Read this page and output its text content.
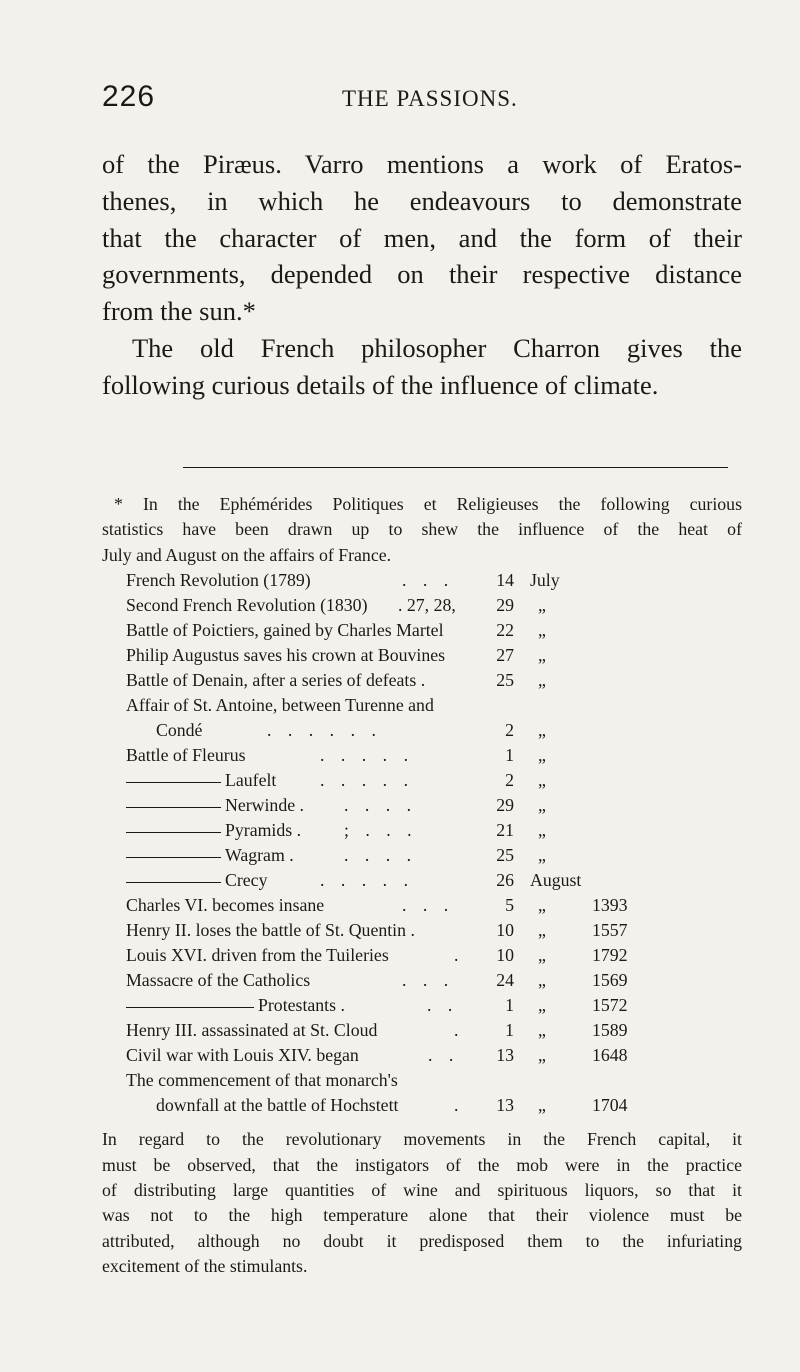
226	THE PASSIONS.
of the Piræus. Varro mentions a work of Eratos-
thenes, in which he endeavours to demonstrate
that the character of men, and the form of their
governments, depended on their respective distance
from the sun.*
The old French philosopher Charron gives the
following curious details of the influence of climate.
* In the Ephémérides Politiques et Religieuses the following curious
statistics have been drawn up to shew the influence of the heat of
July and August on the affairs of France.
French Revolution (1789)	. . .	14 July
Second French Revolution (1830) . 27, 28,	29 „
Battle of Poictiers, gained by Charles Martel	22 „
Philip Augustus saves his crown at Bouvines	27 „
Battle of Denain, after a series of defeats .	25 „
Affair of St. Antoine, between Turenne and
Condé	. . . . . .	2 „
Battle of Fleurus	. . . . .	1 „
Laufelt . . . . .	2 „
Nerwinde . . . . .	29 „
Pyramids . ; . . .	21 „
Wagram .	. . . .	25 „
Crecy	. . . . .	26 August
Charles VI. becomes insane	. . .	5 „	1393
Henry II. loses the battle of St. Quentin .	10 „	1557
Louis XVI. driven from the Tuileries	.	10 „	1792
Massacre of the Catholics	. . .	24 „	1569
Protestants .	. .	1 „	1572
Henry III. assassinated at St. Cloud	.	1 „	1589
Civil war with Louis XIV. began	. .	13 „	1648
The commencement of that monarch's
downfall at the battle of Hochstett	.	13 „	1704
In regard to the revolutionary movements in the French capital, it
must be observed, that the instigators of the mob were in the practice
of distributing large quantities of wine and spirituous liquors, so that it
was not to the high temperature alone that their violence must be
attributed, although no doubt it predisposed them to the infuriating
excitement of the stimulants.
